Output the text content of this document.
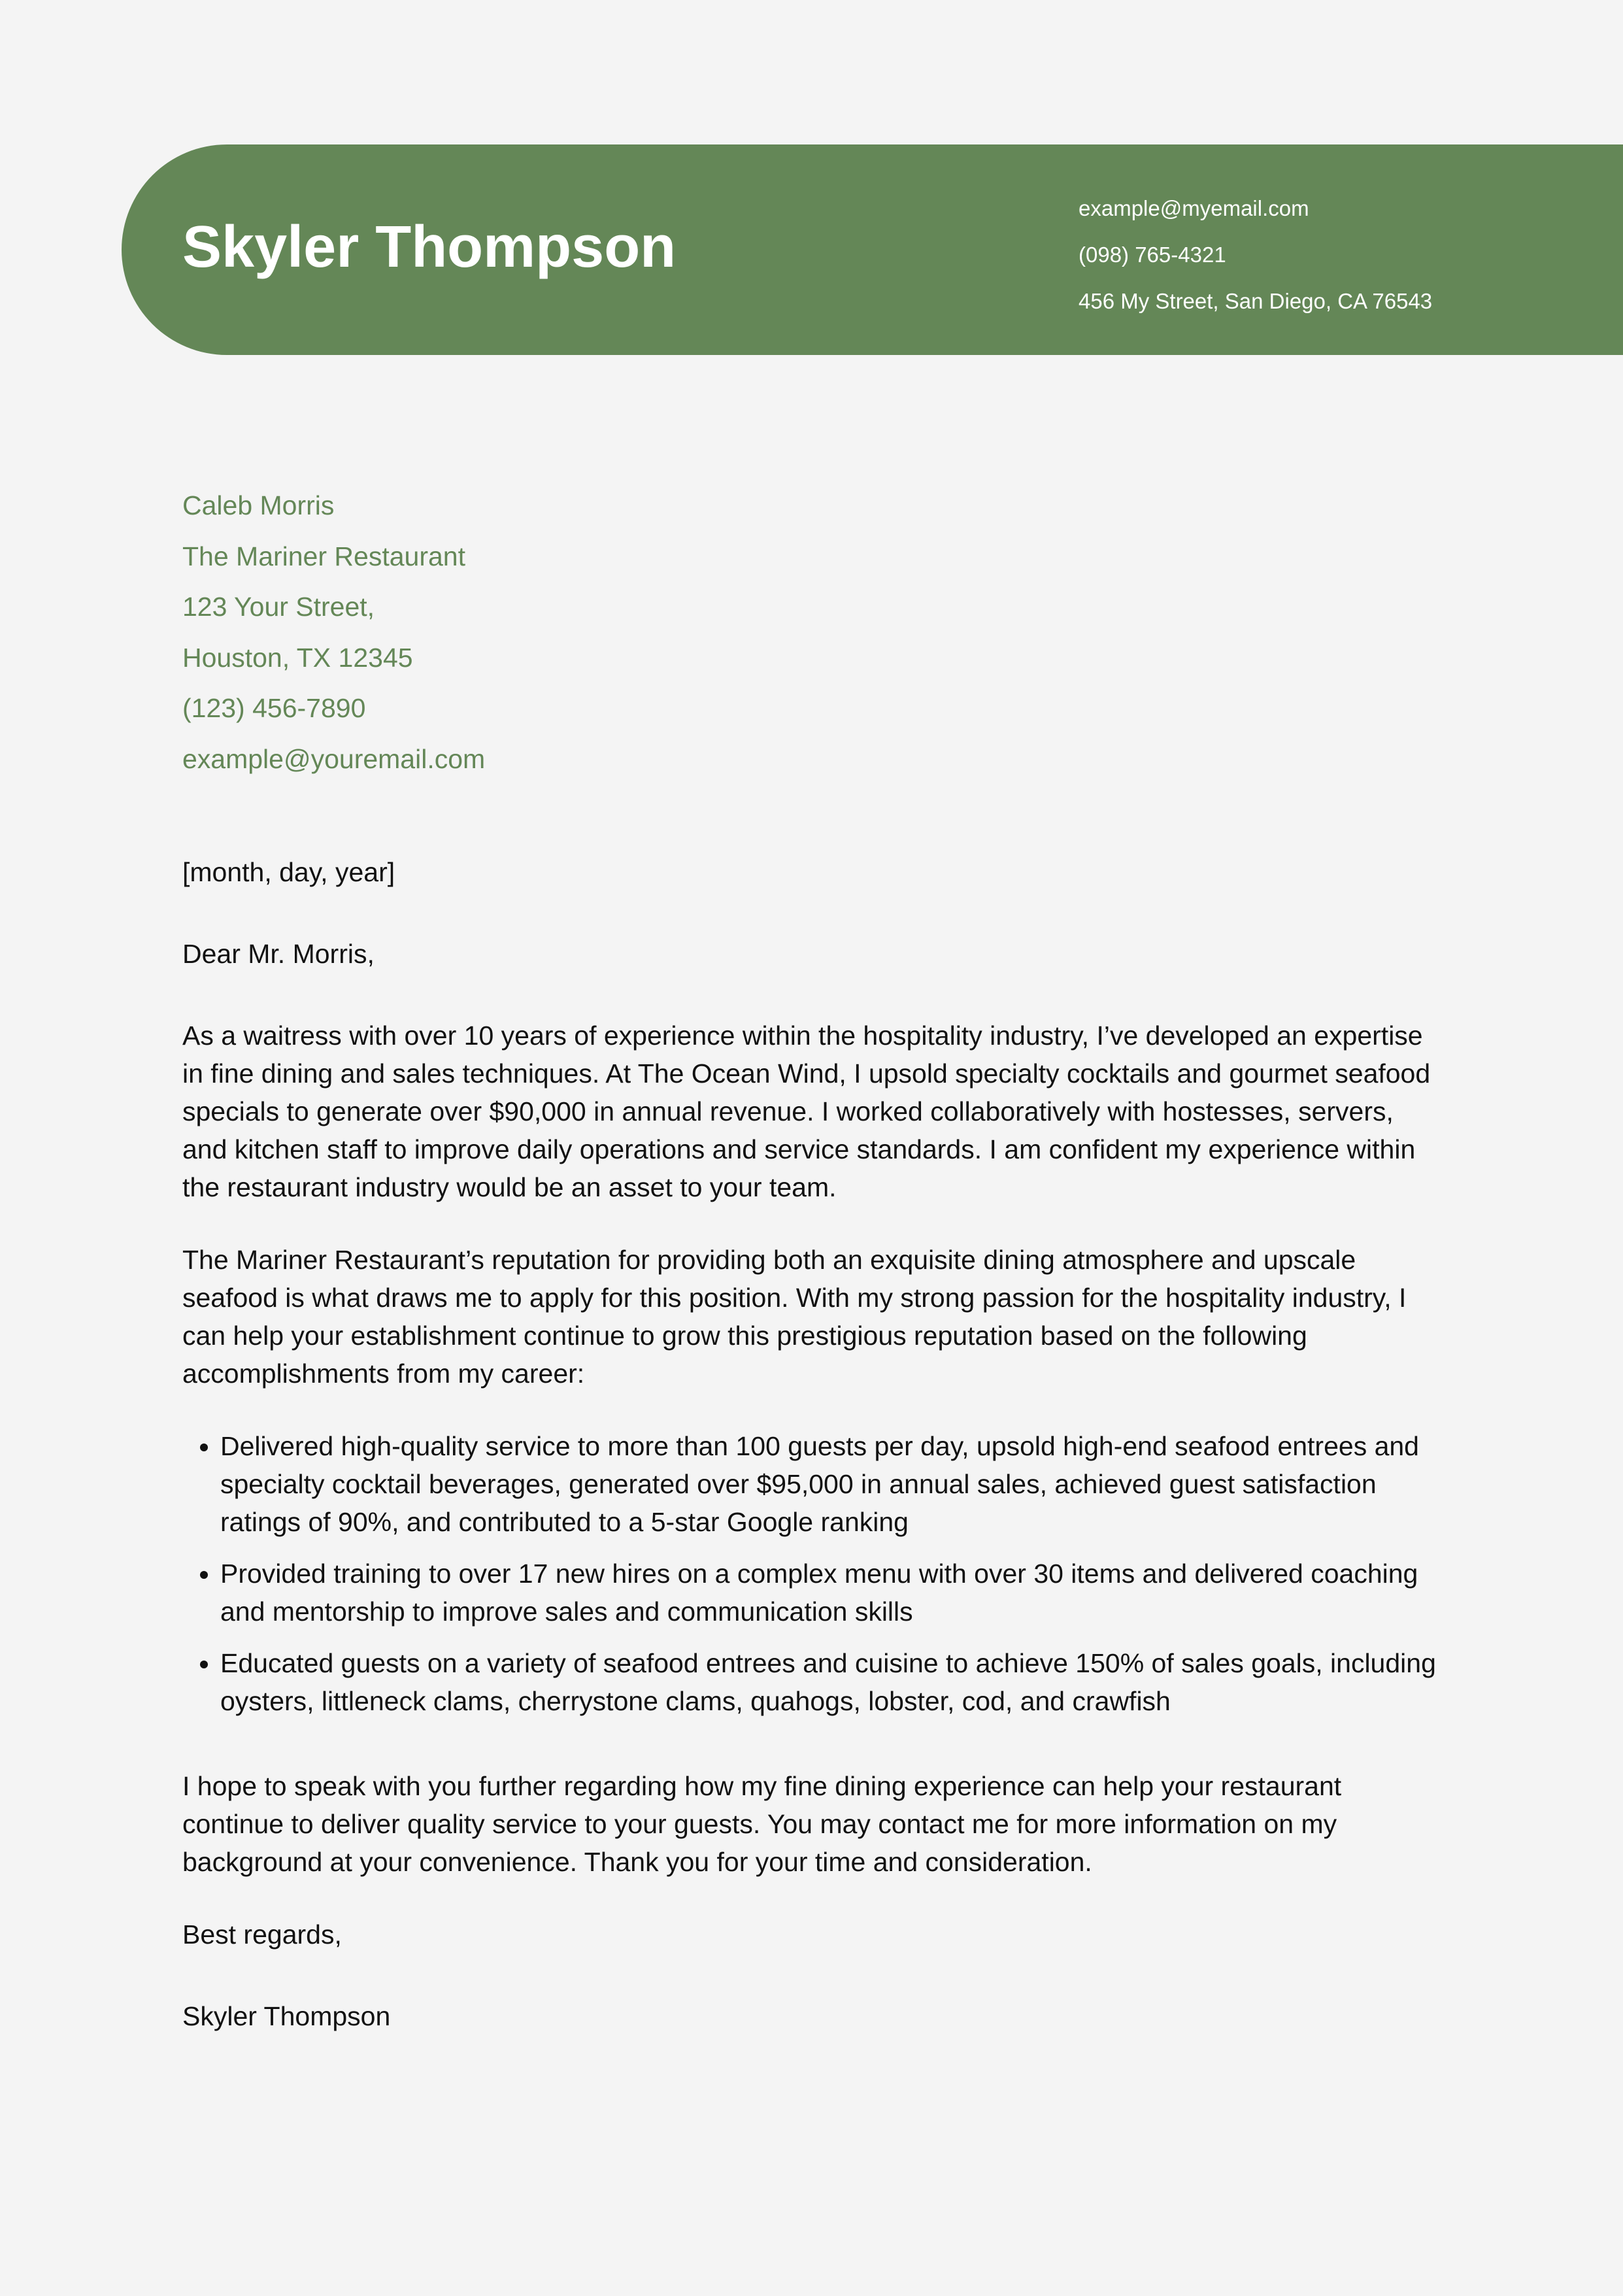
Skyler Thompson
example@myemail.com
(098) 765-4321
456 My Street, San Diego, CA 76543
Caleb Morris
The Mariner Restaurant
123 Your Street,
Houston, TX 12345
(123) 456-7890
example@youremail.com

[month, day, year]

Dear Mr. Morris,

As a waitress with over 10 years of experience within the hospitality industry, I’ve developed an expertise in fine dining and sales techniques. At The Ocean Wind, I upsold specialty cocktails and gourmet seafood specials to generate over $90,000 in annual revenue. I worked collaboratively with hostesses, servers, and kitchen staff to improve daily operations and service standards. I am confident my experience within the restaurant industry would be an asset to your team.

The Mariner Restaurant’s reputation for providing both an exquisite dining atmosphere and upscale seafood is what draws me to apply for this position. With my strong passion for the hospitality industry, I can help your establishment continue to grow this prestigious reputation based on the following accomplishments from my career:

• Delivered high-quality service to more than 100 guests per day, upsold high-end seafood entrees and specialty cocktail beverages, generated over $95,000 in annual sales, achieved guest satisfaction ratings of 90%, and contributed to a 5-star Google ranking
• Provided training to over 17 new hires on a complex menu with over 30 items and delivered coaching and mentorship to improve sales and communication skills
• Educated guests on a variety of seafood entrees and cuisine to achieve 150% of sales goals, including oysters, littleneck clams, cherrystone clams, quahogs, lobster, cod, and crawfish

I hope to speak with you further regarding how my fine dining experience can help your restaurant continue to deliver quality service to your guests. You may contact me for more information on my background at your convenience. Thank you for your time and consideration.

Best regards,

Skyler Thompson
